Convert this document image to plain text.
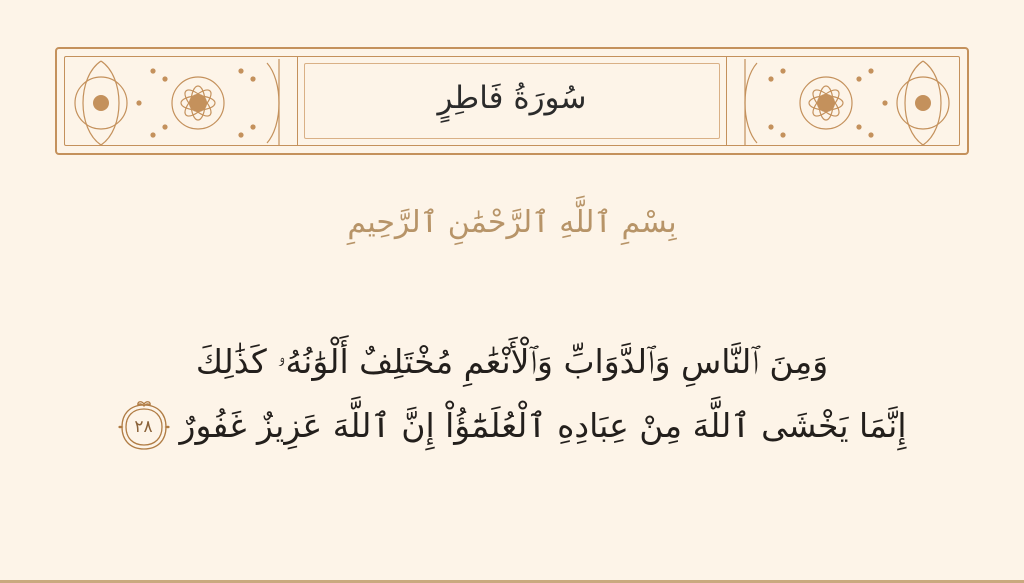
سُورَةُ فَاطِرٍ
بِسْمِ ٱللَّهِ ٱلرَّحْمَٰنِ ٱلرَّحِيمِ
وَمِنَ ٱلنَّاسِ وَٱلدَّوَابِّ وَٱلْأَنْعَٰمِ مُخْتَلِفٌ أَلْوَٰنُهُۥ كَذَٰلِكَ
إِنَّمَا يَخْشَى ٱللَّهَ مِنْ عِبَادِهِ ٱلْعُلَمَٰٓؤُاْ إِنَّ ٱللَّهَ عَزِيزٌ غَفُورٌ
٢٨
